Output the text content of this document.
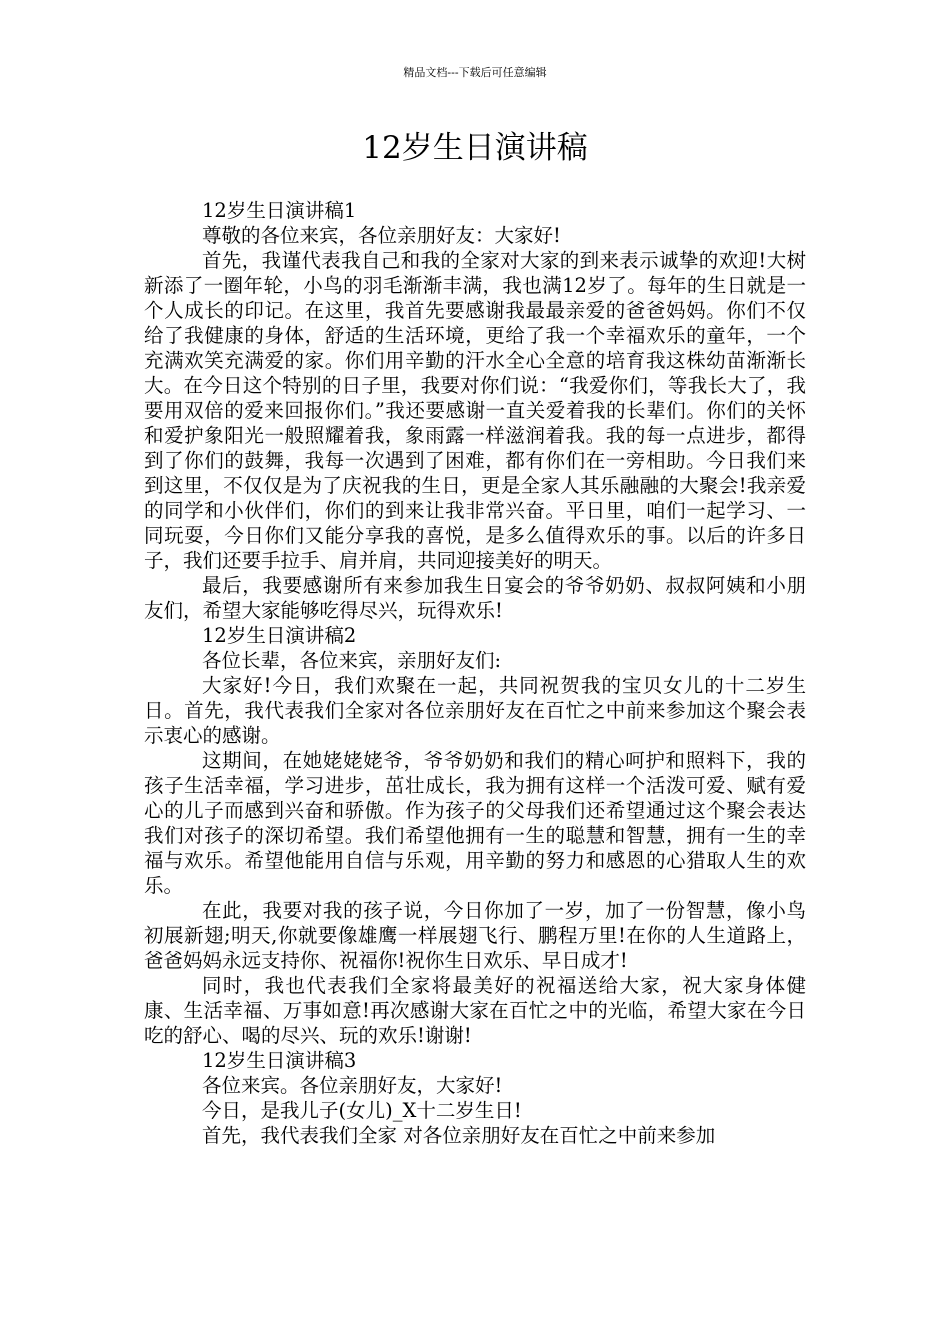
精品文档---下载后可任意编辑
12岁生日演讲稿

12岁生日演讲稿1

尊敬的各位来宾，各位亲朋好友：大家好!

首先，我谨代表我自己和我的全家对大家的到来表示诚挚的欢迎!大树新添了一圈年轮，小鸟的羽毛渐渐丰满，我也满12岁了。每年的生日就是一个人成长的印记。在这里，我首先要感谢我最最亲爱的爸爸妈妈。你们不仅给了我健康的身体，舒适的生活环境，更给了我一个幸福欢乐的童年，一个充满欢笑充满爱的家。你们用辛勤的汗水全心全意的培育我这株幼苗渐渐长大。在今日这个特别的日子里，我要对你们说：“我爱你们，等我长大了，我要用双倍的爱来回报你们。”我还要感谢一直关爱着我的长辈们。你们的关怀和爱护象阳光一般照耀着我，象雨露一样滋润着我。我的每一点进步，都得到了你们的鼓舞，我每一次遇到了困难，都有你们在一旁相助。今日我们来到这里，不仅仅是为了庆祝我的生日，更是全家人其乐融融的大聚会!我亲爱的同学和小伙伴们，你们的到来让我非常兴奋。平日里，咱们一起学习、一同玩耍，今日你们又能分享我的喜悦，是多么值得欢乐的事。以后的许多日子，我们还要手拉手、肩并肩，共同迎接美好的明天。

最后，我要感谢所有来参加我生日宴会的爷爷奶奶、叔叔阿姨和小朋友们，希望大家能够吃得尽兴，玩得欢乐!

12岁生日演讲稿2

各位长辈，各位来宾，亲朋好友们:

大家好!今日，我们欢聚在一起，共同祝贺我的宝贝女儿的十二岁生日。首先，我代表我们全家对各位亲朋好友在百忙之中前来参加这个聚会表示衷心的感谢。

这期间，在她姥姥姥爷，爷爷奶奶和我们的精心呵护和照料下，我的孩子生活幸福，学习进步，茁壮成长，我为拥有这样一个活泼可爱、赋有爱心的儿子而感到兴奋和骄傲。作为孩子的父母我们还希望通过这个聚会表达我们对孩子的深切希望。我们希望他拥有一生的聪慧和智慧，拥有一生的幸福与欢乐。希望他能用自信与乐观，用辛勤的努力和感恩的心猎取人生的欢乐。

在此，我要对我的孩子说，今日你加了一岁，加了一份智慧，像小鸟初展新翅;明天,你就要像雄鹰一样展翅飞行、鹏程万里!在你的人生道路上，爸爸妈妈永远支持你、祝福你!祝你生日欢乐、早日成才!

同时，我也代表我们全家将最美好的祝福送给大家，祝大家身体健康、生活幸福、万事如意!再次感谢大家在百忙之中的光临，希望大家在今日吃的舒心、喝的尽兴、玩的欢乐!谢谢!

12岁生日演讲稿3

各位来宾。各位亲朋好友，大家好!

今日，是我儿子(女儿)_X十二岁生日!

首先，我代表我们全家 对各位亲朋好友在百忙之中前来参加
